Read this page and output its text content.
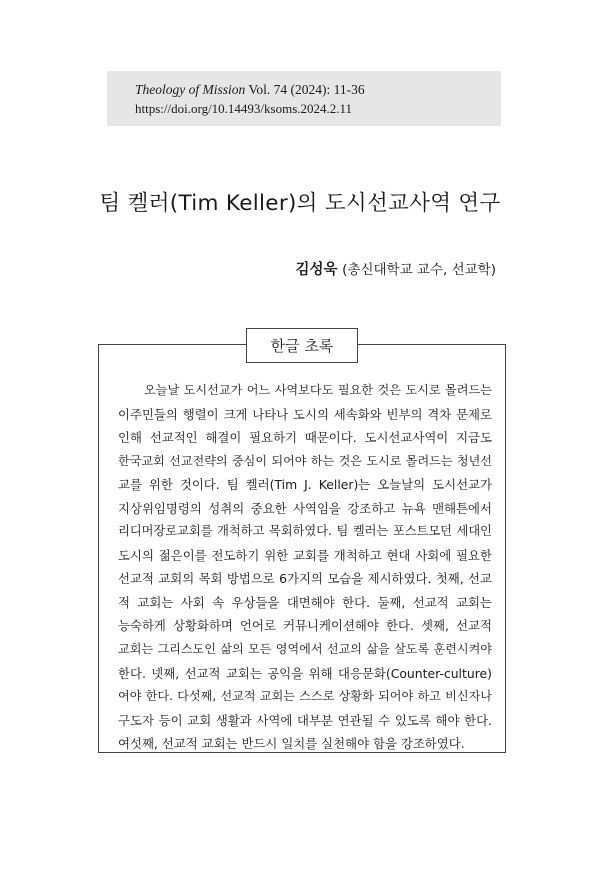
Theology of Mission Vol. 74 (2024): 11-36
https://doi.org/10.14493/ksoms.2024.2.11
팀 켈러(Tim Keller)의 도시선교사역 연구
김성욱 (총신대학교 교수, 선교학)
한글 초록
오늘날 도시선교가 어느 사역보다도 필요한 것은 도시로 몰려드는
이주민들의 행렬이 크게 나타나 도시의 세속화와 빈부의 격차 문제로
인해 선교적인 해결이 필요하기 때문이다. 도시선교사역이 지금도
한국교회 선교전략의 중심이 되어야 하는 것은 도시로 몰려드는 청년선
교를 위한 것이다. 팀 켈러(Tim J. Keller)는 오늘날의 도시선교가
지상위임명령의 성취의 중요한 사역임을 강조하고 뉴욕 맨해튼에서
리디머장로교회를 개척하고 목회하였다. 팀 켈러는 포스트모던 세대인
도시의 젊은이를 전도하기 위한 교회를 개척하고 현대 사회에 필요한
선교적 교회의 목회 방법으로 6가지의 모습을 제시하였다. 첫째, 선교
적 교회는 사회 속 우상들을 대면해야 한다. 둘째, 선교적 교회는
능숙하게 상황화하며 언어로 커뮤니케이션해야 한다. 셋째, 선교적
교회는 그리스도인 삶의 모든 영역에서 선교의 삶을 살도록 훈련시켜야
한다. 넷째, 선교적 교회는 공익을 위해 대응문화(Counter-culture)
여야 한다. 다섯째, 선교적 교회는 스스로 상황화 되어야 하고 비신자나
구도자 등이 교회 생활과 사역에 대부분 연관될 수 있도록 해야 한다.
여섯째, 선교적 교회는 반드시 일치를 실천해야 함을 강조하였다.
